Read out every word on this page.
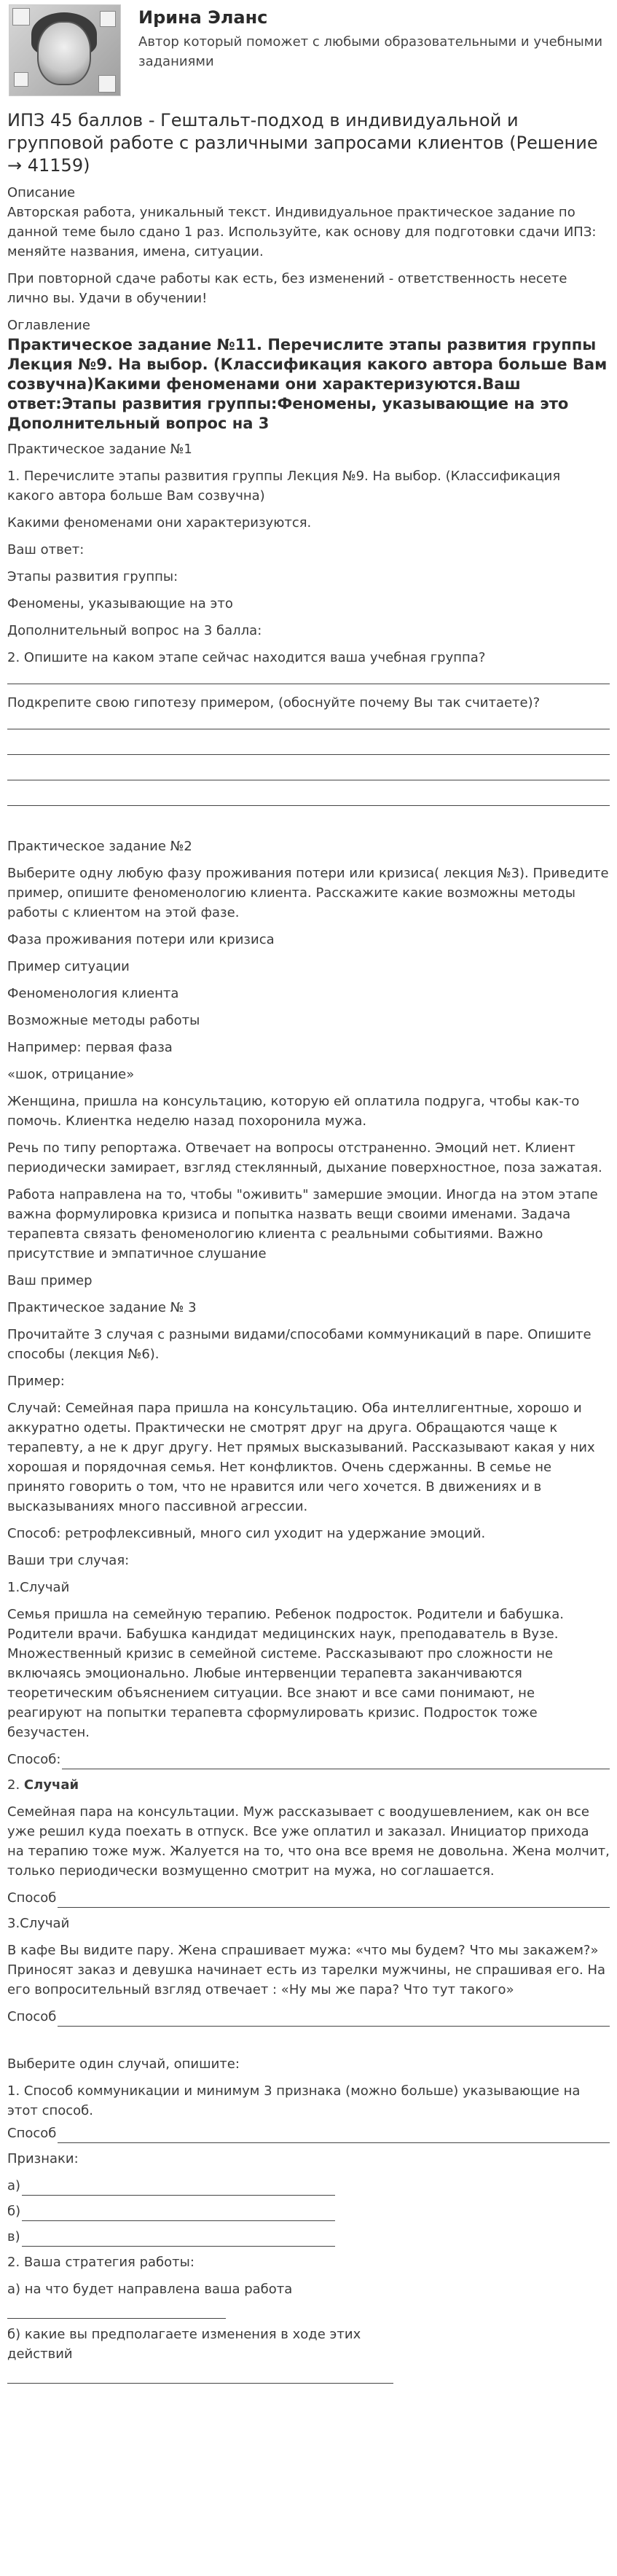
Ирина Эланс
Автор который поможет с любыми образовательными и учебными заданиями
ИПЗ 45 баллов - Гештальт-подход в индивидуальной и групповой работе с различными запросами клиентов (Решение → 41159)
Описание

Авторская работа, уникальный текст. Индивидуальное практическое задание по данной теме было сдано 1 раз. Используйте, как основу для подготовки сдачи ИПЗ: меняйте названия, имена, ситуации.

При повторной сдаче работы как есть, без изменений - ответственность несете лично вы. Удачи в обучении!

Оглавление
Практическое задание №11. Перечислите этапы развития группы Лекция №9. На выбор. (Классификация какого автора больше Вам созвучна)Какими феноменами они характеризуются.Ваш ответ:Этапы развития группы:Феномены, указывающие на это Дополнительный вопрос на 3

Практическое задание №1

1. Перечислите этапы развития группы Лекция №9. На выбор. (Классификация какого автора больше Вам созвучна)

Какими феноменами они характеризуются.

Ваш ответ:

Этапы развития группы:

Феномены, указывающие на это

Дополнительный вопрос на 3 балла:

2. Опишите на каком этапе сейчас находится ваша учебная группа?

Подкрепите свою гипотезу примером, (обоснуйте почему Вы так считаете)?

Практическое задание №2

Выберите одну любую фазу проживания потери или кризиса( лекция №3). Приведите пример, опишите феноменологию клиента. Расскажите какие возможны методы работы с клиентом на этой фазе.

Фаза проживания потери или кризиса

Пример ситуации

Феноменология клиента

Возможные методы работы

Например: первая фаза

«шок, отрицание»

Женщина, пришла на консультацию, которую ей оплатила подруга, чтобы как-то помочь. Клиентка неделю назад похоронила мужа.

Речь по типу репортажа. Отвечает на вопросы отстраненно. Эмоций нет. Клиент периодически замирает, взгляд стеклянный, дыхание поверхностное, поза зажатая.

Работа направлена на то, чтобы "оживить" замершие эмоции. Иногда на этом этапе важна формулировка кризиса и попытка назвать вещи своими именами. Задача терапевта связать феноменологию клиента с реальными событиями. Важно присутствие и эмпатичное слушание

Ваш пример

Практическое задание № 3

Прочитайте 3 случая с разными видами/способами коммуникаций в паре. Опишите способы (лекция №6).

Пример:

Случай: Семейная пара пришла на консультацию. Оба интеллигентные, хорошо и аккуратно одеты. Практически не смотрят друг на друга. Обращаются чаще к терапевту, а не к друг другу. Нет прямых высказываний. Рассказывают какая у них хорошая и порядочная семья. Нет конфликтов. Очень сдержанны. В семье не принято говорить о том, что не нравится или чего хочется. В движениях и в высказываниях много пассивной агрессии.

Способ: ретрофлексивный, много сил уходит на удержание эмоций.

Ваши три случая:

1.Случай

Семья пришла на семейную терапию. Ребенок подросток. Родители и бабушка. Родители врачи. Бабушка кандидат медицинских наук, преподаватель в Вузе. Множественный кризис в семейной системе. Рассказывают про сложности не включаясь эмоционально. Любые интервенции терапевта заканчиваются теоретическим объяснением ситуации. Все знают и все сами понимают, не реагируют на попытки терапевта сформулировать кризис. Подросток тоже безучастен.

Способ:

2. Случай

Семейная пара на консультации. Муж рассказывает с воодушевлением, как он все уже решил куда поехать в отпуск. Все уже оплатил и заказал. Инициатор прихода на терапию тоже муж. Жалуется на то, что она все время не довольна. Жена молчит, только периодически возмущенно смотрит на мужа, но соглашается.

Способ

3.Случай

В кафе Вы видите пару. Жена спрашивает мужа: «что мы будем? Что мы закажем?» Приносят заказ и девушка начинает есть из тарелки мужчины, не спрашивая его. На его вопросительный взгляд отвечает : «Ну мы же пара? Что тут такого»

Способ

Выберите один случай, опишите:

1. Способ коммуникации и минимум 3 признака (можно больше) указывающие на этот способ.

Способ

Признаки:

а)
б)
в)

2. Ваша стратегия работы:

а) на что будет направлена ваша работа
б) какие вы предполагаете изменения в ходе этих действий
